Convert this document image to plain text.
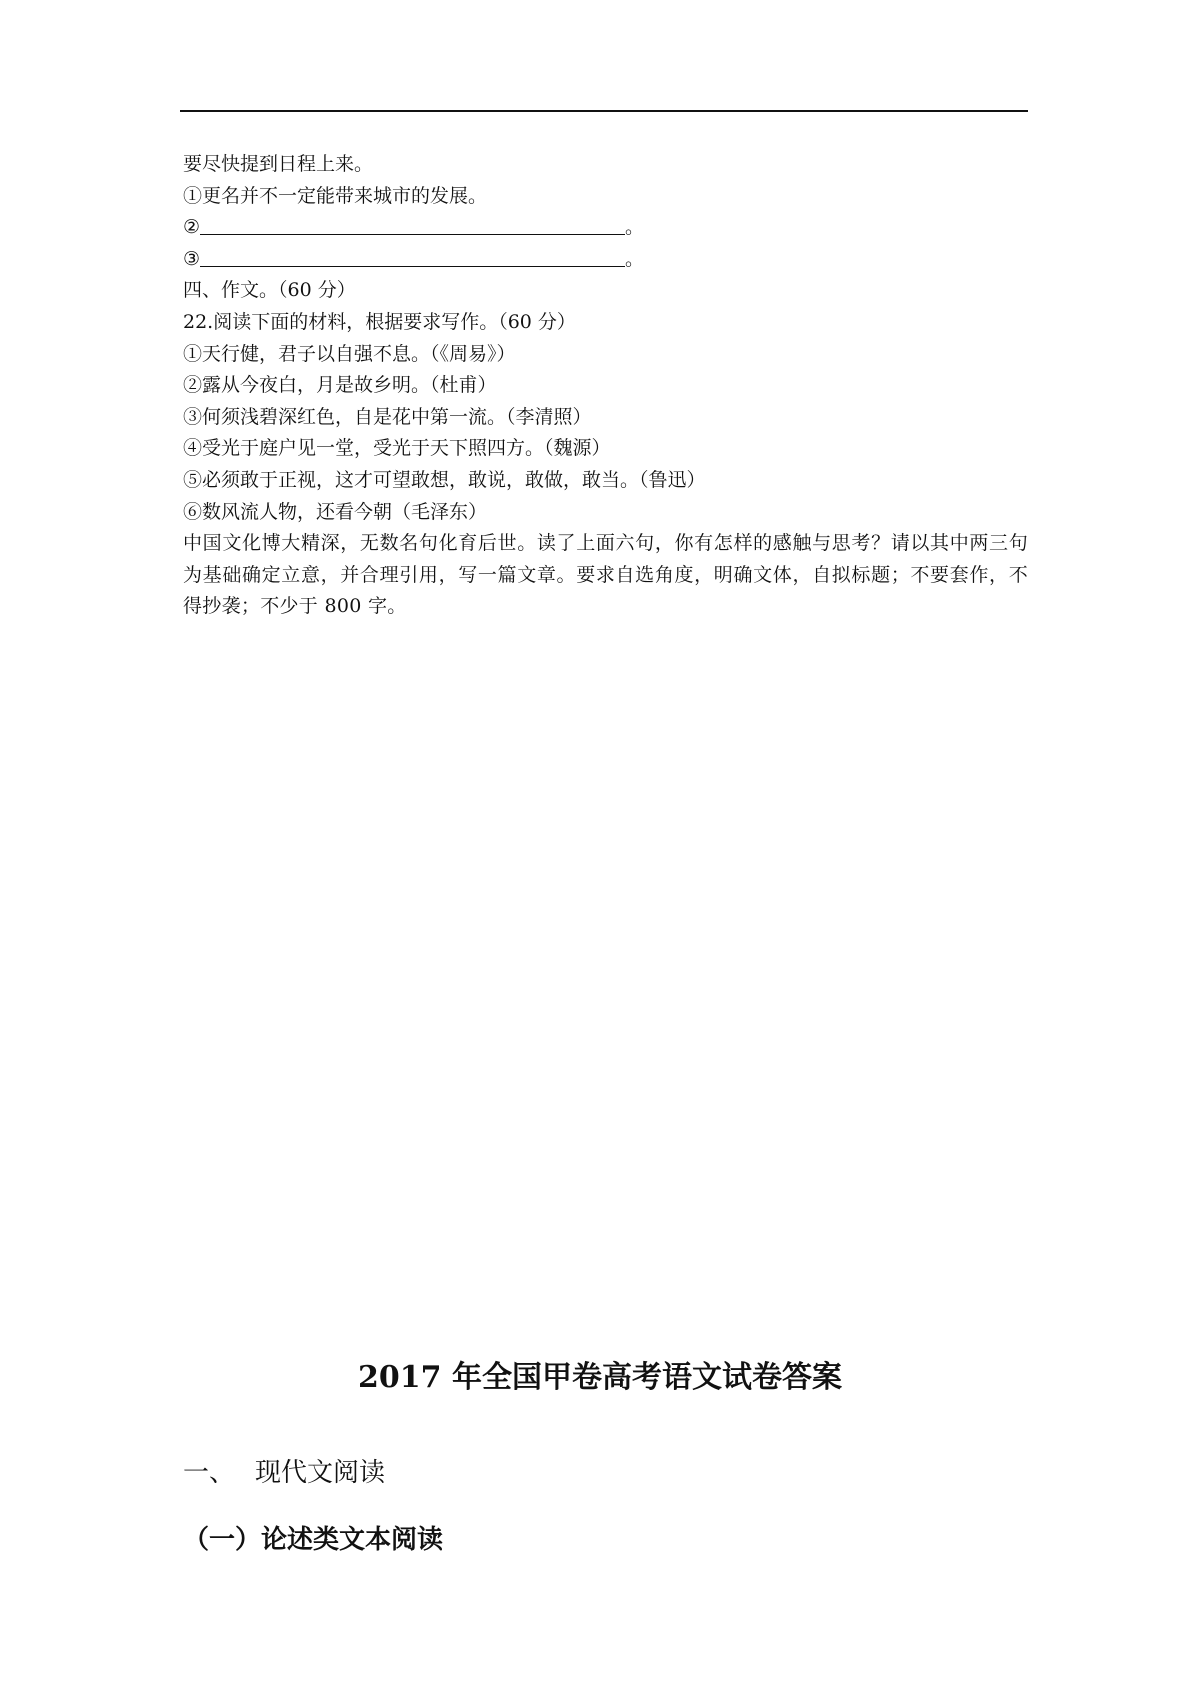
要尽快提到日程上来。
①更名并不一定能带来城市的发展。
②	。
③	。
四、作文。（60 分）
22.阅读下面的材料，根据要求写作。（60 分）
①天行健，君子以自强不息。（《周易》）
②露从今夜白，月是故乡明。（杜甫）
③何须浅碧深红色，自是花中第一流。（李清照）
④受光于庭户见一堂，受光于天下照四方。（魏源）
⑤必须敢于正视，这才可望敢想，敢说，敢做，敢当。（鲁迅）
⑥数风流人物，还看今朝（毛泽东）
中国文化博大精深，无数名句化育后世。读了上面六句，你有怎样的感触与思考？请以其中两三句为基础确定立意，并合理引用，写一篇文章。要求自选角度，明确文体，自拟标题；不要套作，不得抄袭；不少于 800 字。
2017 年全国甲卷高考语文试卷答案
一、 现代文阅读
（一）论述类文本阅读
